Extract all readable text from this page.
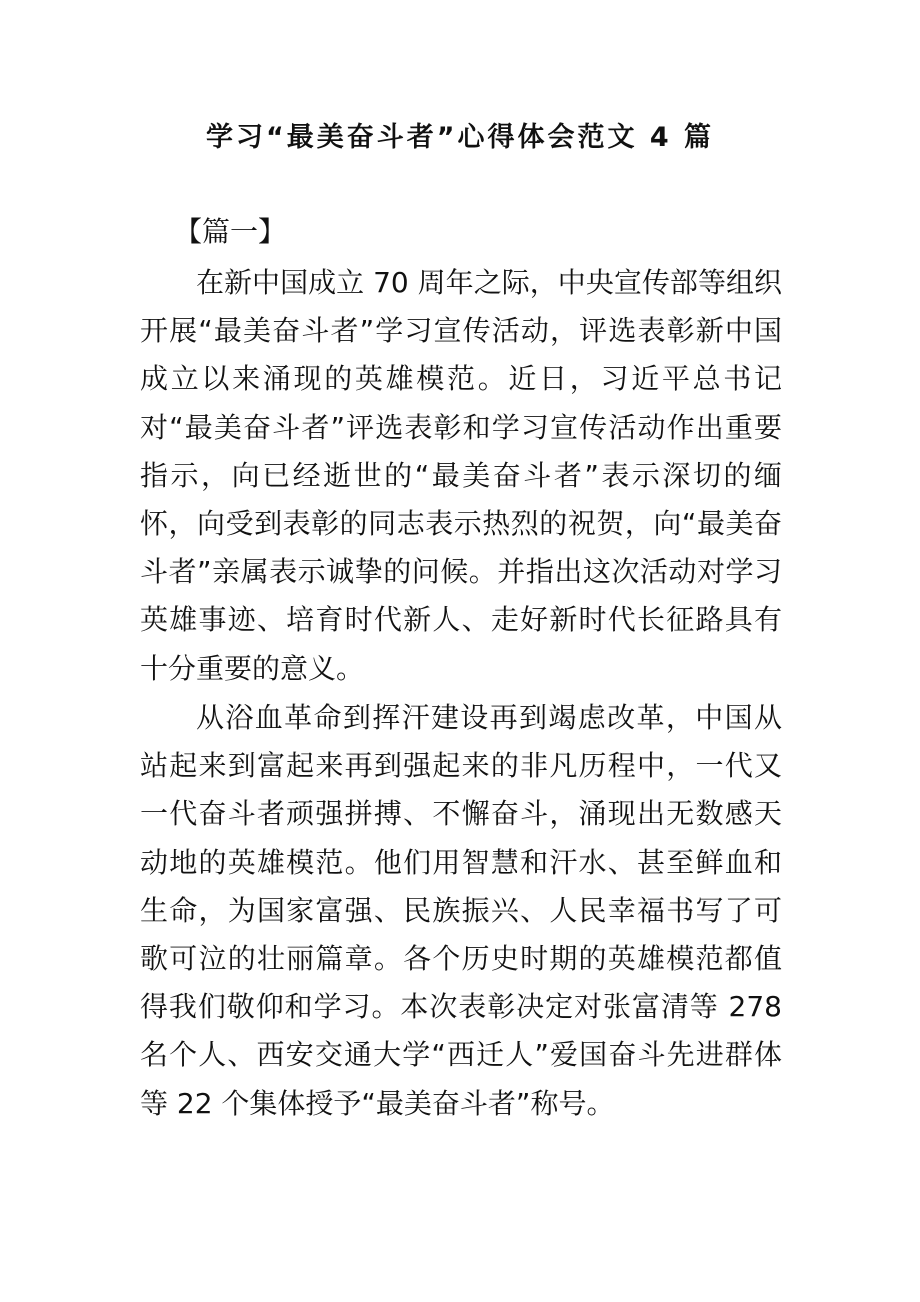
学习“最美奋斗者”心得体会范文 4 篇
【篇一】

在新中国成立 70 周年之际，中央宣传部等组织开展“最美奋斗者”学习宣传活动，评选表彰新中国成立以来涌现的英雄模范。近日，习近平总书记对“最美奋斗者”评选表彰和学习宣传活动作出重要指示，向已经逝世的“最美奋斗者”表示深切的缅怀，向受到表彰的同志表示热烈的祝贺，向“最美奋斗者”亲属表示诚挚的问候。并指出这次活动对学习英雄事迹、培育时代新人、走好新时代长征路具有十分重要的意义。

从浴血革命到挥汗建设再到竭虑改革，中国从站起来到富起来再到强起来的非凡历程中，一代又一代奋斗者顽强拼搏、不懈奋斗，涌现出无数感天动地的英雄模范。他们用智慧和汗水、甚至鲜血和生命，为国家富强、民族振兴、人民幸福书写了可歌可泣的壮丽篇章。各个历史时期的英雄模范都值得我们敬仰和学习。本次表彰决定对张富清等 278 名个人、西安交通大学“西迁人”爱国奋斗先进群体等 22 个集体授予“最美奋斗者”称号。
